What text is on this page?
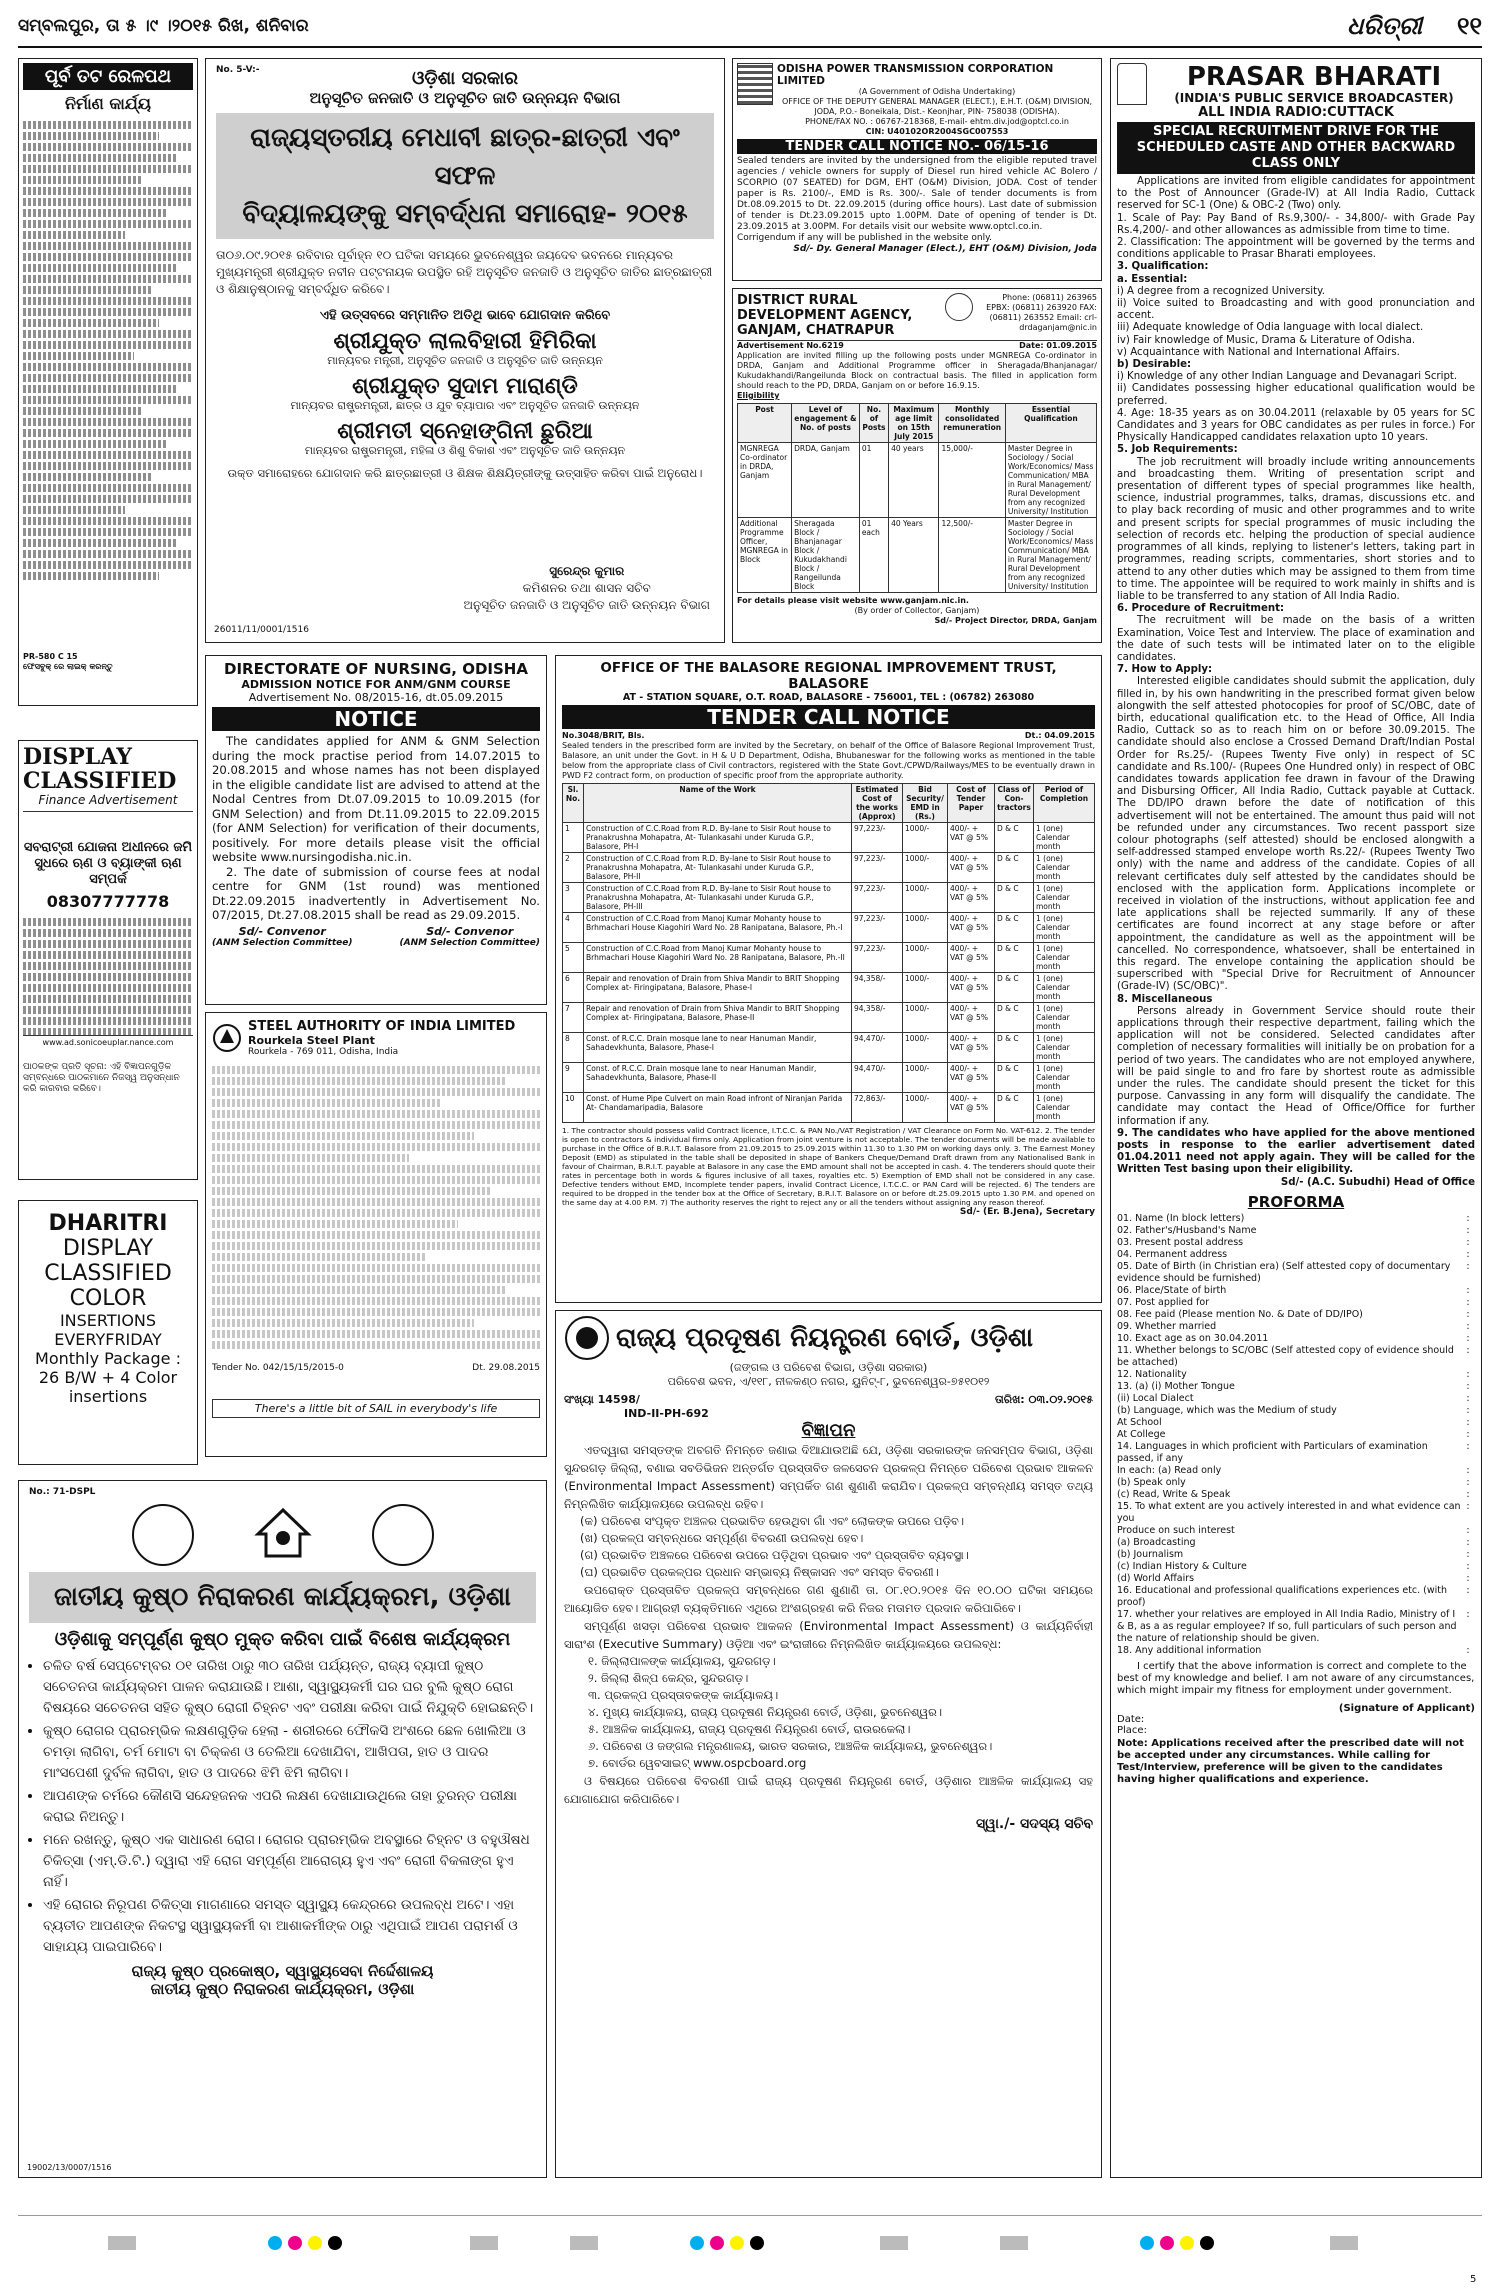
ସମ୍ବଲପୁର, ତା ୫ ।୯ ।୨୦୧୫ ରିଖ, ଶନିବାର	ଧରିତ୍ରୀ ୧୧
ପୂର୍ବ ତଟ ରେଳପଥ
ନିର୍ମାଣ କାର୍ଯ୍ୟ
PR-580 C 15
ଫେସବୁକ୍ ରେ ଲାଇକ୍ କରନ୍ତୁ
DISPLAY CLASSIFIED
Finance Advertisement
ସବରାଟ୍ରୀ ଯୋଜନା ଅଧୀନରେ ଜମି ସୁଧରେ ଋଣ ଓ ବ୍ୟାଙ୍କୀ ଋଣ ସମ୍ପର୍କ
08307777778
www.ad.sonicoeuplar.nance.com
ପାଠକଙ୍କ ପ୍ରତି ସୂଚନା: ଏହି ବିଜ୍ଞାପନଗୁଡ଼ିକ ସମ୍ବନ୍ଧରେ ପାଠକମାନେ ନିଜସ୍ୱ ଅନୁସନ୍ଧାନ କରି କାରବାର କରିବେ।
DHARITRI
DISPLAY
CLASSIFIED
COLOR
INSERTIONS
EVERYFRIDAY
Monthly Package :
26 B/W + 4 Color
insertions
No. 5-V:-	ଓଡ଼ିଶା ସରକାର
ଅନୁସୂଚିତ ଜନଜାତି ଓ ଅନୁସୂଚିତ ଜାତି ଉନ୍ନୟନ ବିଭାଗ
ରାଜ୍ୟସ୍ତରୀୟ ମେଧାବୀ ଛାତ୍ର-ଛାତ୍ରୀ ଏବଂ ସଫଳ
ବିଦ୍ୟାଳୟଙ୍କୁ ସମ୍ବର୍ଦ୍ଧନା ସମାରୋହ- ୨୦୧୫
ତା୦୬.୦୯.୨୦୧୫ ରବିବାର ପୂର୍ବାହ୍ନ ୧୦ ଘଟିକା ସମୟରେ ଭୁବନେଶ୍ୱର ଜୟଦେବ ଭବନରେ ମାନ୍ୟବର ମୁଖ୍ୟମନ୍ତ୍ରୀ ଶ୍ରୀଯୁକ୍ତ ନବୀନ ପଟ୍ଟନାୟକ ଉପସ୍ଥିତ ରହି ଅନୁସୂଚିତ ଜନଜାତି ଓ ଅନୁସୂଚିତ ଜାତିର ଛାତ୍ରଛାତ୍ରୀ ଓ ଶିକ୍ଷାନୁଷ୍ଠାନକୁ ସମ୍ବର୍ଦ୍ଧିତ କରିବେ।
ଏହି ଉତ୍ସବରେ ସମ୍ମାନିତ ଅତିଥି ଭାବେ ଯୋଗଦାନ କରିବେ
ଶ୍ରୀଯୁକ୍ତ ଲାଲବିହାରୀ ହିମିରିକା
ମାନ୍ୟବର ମନ୍ତ୍ରୀ, ଅନୁସୂଚିତ ଜନଜାତି ଓ ଅନୁସୂଚିତ ଜାତି ଉନ୍ନୟନ
ଶ୍ରୀଯୁକ୍ତ ସୁଦାମ ମାରାଣ୍ଡି
ମାନ୍ୟବର ରାଷ୍ଟ୍ରମନ୍ତ୍ରୀ, ଛାତ୍ର ଓ ଯୁବ ବ୍ୟାପାର ଏବଂ ଅନୁସୂଚିତ ଜନଜାତି ଉନ୍ନୟନ
ଶ୍ରୀମତୀ ସ୍ନେହାଙ୍ଗିନୀ ଛୁରିଆ
ମାନ୍ୟବର ରାଷ୍ଟ୍ରମନ୍ତ୍ରୀ, ମହିଳା ଓ ଶିଶୁ ବିକାଶ ଏବଂ ଅନୁସୂଚିତ ଜାତି ଉନ୍ନୟନ
ଉକ୍ତ ସମାରୋହରେ ଯୋଗଦାନ କରି ଛାତ୍ରଛାତ୍ରୀ ଓ ଶିକ୍ଷକ ଶିକ୍ଷୟିତ୍ରୀଙ୍କୁ ଉତ୍ସାହିତ କରିବା ପାଇଁ ଅନୁରୋଧ।
ସୁରେନ୍ଦ୍ର କୁମାର
କମିଶନର ତଥା ଶାସନ ସଚିବ
ଅନୁସୂଚିତ ଜନଜାତି ଓ ଅନୁସୂଚିତ ଜାତି ଉନ୍ନୟନ ବିଭାଗ
26011/11/0001/1516
ODISHA POWER TRANSMISSION CORPORATION LIMITED
(A Government of Odisha Undertaking)
OFFICE OF THE DEPUTY GENERAL MANAGER (ELECT.), E.H.T. (O&M) DIVISION, JODA, P.O.- Boneikala, Dist.- Keonjhar, PIN- 758038 (ODISHA).
PHONE/FAX NO. : 06767-218368, E-mail- ehtm.div.jod@optcl.co.in
CIN: U40102OR2004SGC007553
TENDER CALL NOTICE NO.- 06/15-16
Sealed tenders are invited by the undersigned from the eligible reputed travel agencies / vehicle owners for supply of Diesel run hired vehicle AC Bolero / SCORPIO (07 SEATED) for DGM, EHT (O&M) Division, JODA. Cost of tender paper is Rs. 2100/-, EMD is Rs. 300/-. Sale of tender documents is from Dt.08.09.2015 to Dt. 22.09.2015 (during office hours). Last date of submission of tender is Dt.23.09.2015 upto 1.00PM. Date of opening of tender is Dt. 23.09.2015 at 3.00PM. For details visit our website www.optcl.co.in.
Corrigendum if any will be published in the website only.
Sd/- Dy. General Manager (Elect.), EHT (O&M) Division, Joda
DISTRICT RURAL DEVELOPMENT AGENCY, GANJAM, CHATRAPUR
Phone: (06811) 263965 EPBX: (06811) 263920 FAX: (06811) 263552 Email: crl-drdaganjam@nic.in
Advertisement No.6219	Date: 01.09.2015
Application are invited filling up the following posts under MGNREGA Co-ordinator in DRDA, Ganjam and Additional Programme officer in Sheragada/Bhanjanagar/ Kukudakhandi/Rangeilunda Block on contractual basis. The filled in application form should reach to the PD, DRDA, Ganjam on or before 16.9.15.
Eligibility
Post	Level of engagement & No. of posts	No. of Posts	Maximum age limit on 15th July 2015	Monthly consolidated remuneration	Essential Qualification
MGNREGA Co-ordinator in DRDA, Ganjam	DRDA, Ganjam	01	40 years	15,000/-	Master Degree in Sociology / Social Work/Economics/ Mass Communication/ MBA in Rural Management/ Rural Development from any recognized University/ Institution
Additional Programme Officer, MGNREGA in Block	Sheragada Block / Bhanjanagar Block / Kukudakhandi Block / Rangeilunda Block	01 each	40 Years	12,500/-	Master Degree in Sociology / Social Work/Economics/ Mass Communication/ MBA in Rural Management/ Rural Development from any recognized University/ Institution
For details please visit website www.ganjam.nic.in.
(By order of Collector, Ganjam)
Sd/- Project Director, DRDA, Ganjam
PRASAR BHARATI
(INDIA'S PUBLIC SERVICE BROADCASTER)
ALL INDIA RADIO:CUTTACK
SPECIAL RECRUITMENT DRIVE FOR THE SCHEDULED CASTE AND OTHER BACKWARD CLASS ONLY
Applications are invited from eligible candidates for appointment to the Post of Announcer (Grade-IV) at All India Radio, Cuttack reserved for SC-1 (One) & OBC-2 (Two) only.
1. Scale of Pay: Pay Band of Rs.9,300/- - 34,800/- with Grade Pay Rs.4,200/- and other allowances as admissible from time to time.
2. Classification: The appointment will be governed by the terms and conditions applicable to Prasar Bharati employees.
3. Qualification:
a. Essential:
i) A degree from a recognized University.
ii) Voice suited to Broadcasting and with good pronunciation and accent.
iii) Adequate knowledge of Odia language with local dialect.
iv) Fair knowledge of Music, Drama & Literature of Odisha.
v) Acquaintance with National and International Affairs.
b) Desirable:
i) Knowledge of any other Indian Language and Devanagari Script.
ii) Candidates possessing higher educational qualification would be preferred.
4. Age: 18-35 years as on 30.04.2011 (relaxable by 05 years for SC Candidates and 3 years for OBC candidates as per rules in force.) For Physically Handicapped candidates relaxation upto 10 years.
5. Job Requirements:
The job recruitment will broadly include writing announcements and broadcasting them. Writing of presentation script and presentation of different types of special programmes like health, science, industrial programmes, talks, dramas, discussions etc. and to play back recording of music and other programmes and to write and present scripts for special programmes of music including the selection of records etc. helping the production of special audience programmes of all kinds, replying to listener's letters, taking part in programmes, reading scripts, commentaries, short stories and to attend to any other duties which may be assigned to them from time to time. The appointee will be required to work mainly in shifts and is liable to be transferred to any station of All India Radio.
6. Procedure of Recruitment:
The recruitment will be made on the basis of a written Examination, Voice Test and Interview. The place of examination and the date of such tests will be intimated later on to the eligible candidates.
7. How to Apply:
Interested eligible candidates should submit the application, duly filled in, by his own handwriting in the prescribed format given below alongwith the self attested photocopies for proof of SC/OBC, date of birth, educational qualification etc. to the Head of Office, All India Radio, Cuttack so as to reach him on or before 30.09.2015. The candidate should also enclose a Crossed Demand Draft/Indian Postal Order for Rs.25/- (Rupees Twenty Five only) in respect of SC candidate and Rs.100/- (Rupees One Hundred only) in respect of OBC candidates towards application fee drawn in favour of the Drawing and Disbursing Officer, All India Radio, Cuttack payable at Cuttack. The DD/IPO drawn before the date of notification of this advertisement will not be entertained. The amount thus paid will not be refunded under any circumstances. Two recent passport size colour photographs (self attested) should be enclosed alongwith a self-addressed stamped envelope worth Rs.22/- (Rupees Twenty Two only) with the name and address of the candidate. Copies of all relevant certificates duly self attested by the candidates should be enclosed with the application form. Applications incomplete or received in violation of the instructions, without application fee and late applications shall be rejected summarily. If any of these certificates are found incorrect at any stage before or after appointment, the candidature as well as the appointment will be cancelled. No correspondence, whatsoever, shall be entertained in this regard. The envelope containing the application should be superscribed with "Special Drive for Recruitment of Announcer (Grade-IV) (SC/OBC)".
8. Miscellaneous
Persons already in Government Service should route their applications through their respective department, failing which the application will not be considered. Selected candidates after completion of necessary formalities will initially be on probation for a period of two years. The candidates who are not employed anywhere, will be paid single to and fro fare by shortest route as admissible under the rules. The candidate should present the ticket for this purpose. Canvassing in any form will disqualify the candidate. The candidate may contact the Head of Office/Office for further information if any.
9. The candidates who have applied for the above mentioned posts in response to the earlier advertisement dated 01.04.2011 need not apply again. They will be called for the Written Test basing upon their eligibility.
Sd/- (A.C. Subudhi) Head of Office
PROFORMA
01. Name (In block letters)	:
02. Father's/Husband's Name	:
03. Present postal address	:
04. Permanent address	:
05. Date of Birth (in Christian era) (Self attested copy of documentary evidence should be furnished)
:
06. Place/State of birth	:
07. Post applied for	:
08. Fee paid (Please mention No. & Date of DD/IPO)	:
09. Whether married	:
10. Exact age as on 30.04.2011	:
11. Whether belongs to SC/OBC (Self attested copy of evidence should be attached)
:
12. Nationality	:
13. (a) (i) Mother Tongue	:
(ii) Local Dialect	:
(b) Language, which was the Medium of study	:
At School	:
At College	:
14. Languages in which proficient with Particulars of examination passed, if any
:
In each: (a) Read only	:
(b) Speak only	:
(c) Read, Write & Speak	:
15. To what extent are you actively interested in and what evidence can you
:
Produce on such interest	:
(a) Broadcasting	:
(b) Journalism	:
(c) Indian History & Culture	:
(d) World Affairs	:
16. Educational and professional qualifications experiences etc. (with proof)
:
17. whether your relatives are employed in All India Radio, Ministry of I & B, as a as regular employee? If so, full particulars of such person and the nature of relationship should be given.
:
18. Any additional information	:
I certify that the above information is correct and complete to the best of my knowledge and belief. I am not aware of any circumstances, which might impair my fitness for employment under government.
(Signature of Applicant)
Date:
Place:
Note: Applications received after the prescribed date will not be accepted under any circumstances. While calling for Test/Interview, preference will be given to the candidates having higher qualifications and experience.
DIRECTORATE OF NURSING, ODISHA
ADMISSION NOTICE FOR ANM/GNM COURSE
Advertisement No. 08/2015-16, dt.05.09.2015
NOTICE
The candidates applied for ANM & GNM Selection during the mock practise period from 14.07.2015 to 20.08.2015 and whose names has not been displayed in the eligible candidate list are advised to attend at the Nodal Centres from Dt.07.09.2015 to 10.09.2015 (for GNM Selection) and from Dt.11.09.2015 to 22.09.2015 (for ANM Selection) for verification of their documents, positively. For more details please visit the official website www.nursingodisha.nic.in.
2. The date of submission of course fees at nodal centre for GNM (1st round) was mentioned Dt.22.09.2015 inadvertently in Advertisement No. 07/2015, Dt.27.08.2015 shall be read as 29.09.2015.
Sd/- Convenor
(ANM Selection Committee)
Sd/- Convenor
(ANM Selection Committee)
STEEL AUTHORITY OF INDIA LIMITED
Rourkela Steel Plant
Rourkela - 769 011, Odisha, India
Tender No. 042/15/15/2015-0	Dt. 29.08.2015
There's a little bit of SAIL in everybody's life
OFFICE OF THE BALASORE REGIONAL IMPROVEMENT TRUST, BALASORE
AT - STATION SQUARE, O.T. ROAD, BALASORE - 756001, TEL : (06782) 263080
TENDER CALL NOTICE
No.3048/BRIT, Bls.	Dt.: 04.09.2015
Sealed tenders in the prescribed form are invited by the Secretary, on behalf of the Office of Balasore Regional Improvement Trust, Balasore, an unit under the Govt. in H & U D Department, Odisha, Bhubaneswar for the following works as mentioned in the table below from the appropriate class of Civil contractors, registered with the State Govt./CPWD/Railways/MES to be eventually drawn in PWD F2 contract form, on production of specific proof from the appropriate authority.
Sl. No.	Name of the Work	Estimated Cost of the works (Approx)	Bid Security/ EMD in (Rs.)	Cost of Tender Paper	Class of Con-tractors	Period of Completion
1	Construction of C.C.Road from R.D. By-lane to Sisir Rout house to Pranakrushna Mohapatra, At- Tulankasahi under Kuruda G.P., Balasore, PH-I	97,223/-	1000/-	400/- + VAT @ 5%	D & C	1 (one) Calendar month
2	Construction of C.C.Road from R.D. By-lane to Sisir Rout house to Pranakrushna Mohapatra, At- Tulankasahi under Kuruda G.P., Balasore, PH-II	97,223/-	1000/-	400/- + VAT @ 5%	D & C	1 (one) Calendar month
3	Construction of C.C.Road from R.D. By-lane to Sisir Rout house to Pranakrushna Mohapatra, At- Tulankasahi under Kuruda G.P., Balasore, PH-III	97,223/-	1000/-	400/- + VAT @ 5%	D & C	1 (one) Calendar month
4	Construction of C.C.Road from Manoj Kumar Mohanty house to Brhmachari House Kiagohiri Ward No. 28 Ranipatana, Balasore, Ph.-I	97,223/-	1000/-	400/- + VAT @ 5%	D & C	1 (one) Calendar month
5	Construction of C.C.Road from Manoj Kumar Mohanty house to Brhmachari House Kiagohiri Ward No. 28 Ranipatana, Balasore, Ph.-II	97,223/-	1000/-	400/- + VAT @ 5%	D & C	1 (one) Calendar month
6	Repair and renovation of Drain from Shiva Mandir to BRIT Shopping Complex at- Firingipatana, Balasore, Phase-I	94,358/-	1000/-	400/- + VAT @ 5%	D & C	1 (one) Calendar month
7	Repair and renovation of Drain from Shiva Mandir to BRIT Shopping Complex at- Firingipatana, Balasore, Phase-II	94,358/-	1000/-	400/- + VAT @ 5%	D & C	1 (one) Calendar month
8	Const. of R.C.C. Drain mosque lane to near Hanuman Mandir, Sahadevkhunta, Balasore, Phase-I	94,470/-	1000/-	400/- + VAT @ 5%	D & C	1 (one) Calendar month
9	Const. of R.C.C. Drain mosque lane to near Hanuman Mandir, Sahadevkhunta, Balasore, Phase-II	94,470/-	1000/-	400/- + VAT @ 5%	D & C	1 (one) Calendar month
10	Const. of Hume Pipe Culvert on main Road infront of Niranjan Parida At- Chandamaripadia, Balasore	72,863/-	1000/-	400/- + VAT @ 5%	D & C	1 (one) Calendar month
1. The contractor should possess valid Contract licence, I.T.C.C. & PAN No./VAT Registration / VAT Clearance on Form No. VAT-612. 2. The tender is open to contractors & individual firms only. Application from joint venture is not acceptable. The tender documents will be made available to purchase in the Office of B.R.I.T. Balasore from 21.09.2015 to 25.09.2015 within 11.30 to 1.30 PM on working days only. 3. The Earnest Money Deposit (EMD) as stipulated in the table shall be deposited in shape of Bankers Cheque/Demand Draft drawn from any Nationalised Bank in favour of Chairman, B.R.I.T. payable at Balasore in any case the EMD amount shall not be accepted in cash. 4. The tenderers should quote their rates in percentage both in words & figures inclusive of all taxes, royalties etc. 5) Exemption of EMD shall not be considered in any case. Defective tenders without EMD, Incomplete tender papers, invalid Contract Licence, I.T.C.C. or PAN Card will be rejected. 6) The tenders are required to be dropped in the tender box at the Office of Secretary, B.R.I.T. Balasore on or before dt.25.09.2015 upto 1.30 P.M. and opened on the same day at 4.00 P.M. 7) The authority reserves the right to reject any or all the tenders without assigning any reason thereof.
Sd/- (Er. B.Jena), Secretary
ରାଜ୍ୟ ପ୍ରଦୂଷଣ ନିୟନ୍ତ୍ରଣ ବୋର୍ଡ, ଓଡ଼ିଶା
(ଜଙ୍ଗଲ ଓ ପରିବେଶ ବିଭାଗ, ଓଡ଼ିଶା ସରକାର)
ପରିବେଶ ଭବନ, ଏ/୧୧୮, ନୀଳକଣ୍ଠ ନଗର, ୟୁନିଟ୍-୮, ଭୁବନେଶ୍ୱର-୭୫୧୦୧୨
ସଂଖ୍ୟା 14598/	ତାରିଖ: ୦୩.୦୨.୨୦୧୫
IND-II-PH-692
ବିଜ୍ଞାପନ
ଏତଦ୍ୱାରା ସମସ୍ତଙ୍କ ଅବଗତି ନିମନ୍ତେ ଜଣାଇ ଦିଆଯାଉଅଛି ଯେ, ଓଡ଼ିଶା ସରକାରଙ୍କ ଜନସମ୍ପଦ ବିଭାଗ, ଓଡ଼ିଶା ସୁନ୍ଦରଗଡ଼ ଜିଲ୍ଲା, ବଣାଇ ସବଡିଭିଜନ ଅନ୍ତର୍ଗତ ପ୍ରସ୍ତାବିତ ଜଳସେଚନ ପ୍ରକଳ୍ପ ନିମନ୍ତେ ପରିବେଶ ପ୍ରଭାବ ଆକଳନ (Environmental Impact Assessment) ସମ୍ପର୍କିତ ଗଣ ଶୁଣାଣି କରାଯିବ। ପ୍ରକଳ୍ପ ସମ୍ବନ୍ଧୀୟ ସମସ୍ତ ତଥ୍ୟ ନିମ୍ନଲିଖିତ କାର୍ଯ୍ୟାଳୟରେ ଉପଲବ୍ଧ ରହିବ।
(କ) ପରିବେଶ ସଂପୃକ୍ତ ଅଞ୍ଚଳର ପ୍ରଭାବିତ ହେଉଥିବା ଗାଁ ଏବଂ ଲୋକଙ୍କ ଉପରେ ପଡ଼ିବ।
(ଖ) ପ୍ରକଳ୍ପ ସମ୍ବନ୍ଧରେ ସମ୍ପୂର୍ଣ୍ଣ ବିବରଣୀ ଉପଲବ୍ଧ ହେବ।
(ଗ) ପ୍ରଭାବିତ ଅଞ୍ଚଳରେ ପରିବେଶ ଉପରେ ପଡ଼ିଥିବା ପ୍ରଭାବ ଏବଂ ପ୍ରସ୍ତାବିତ ବ୍ୟବସ୍ଥା।
(ଘ) ପ୍ରଭାବିତ ପ୍ରକଳ୍ପର ପ୍ରଧାନ ସମ୍ଭାବ୍ୟ ନିଷ୍କାସନ ଏବଂ ସମସ୍ତ ବିବରଣୀ।
ଉପରୋକ୍ତ ପ୍ରସ୍ତାବିତ ପ୍ରକଳ୍ପ ସମ୍ବନ୍ଧରେ ଗଣ ଶୁଣାଣି ତା. ୦୮.୧୦.୨୦୧୫ ଦିନ ୧୦.୦୦ ଘଟିକା ସମୟରେ ଆୟୋଜିତ ହେବ। ଆଗ୍ରହୀ ବ୍ୟକ୍ତିମାନେ ଏଥିରେ ଅଂଶଗ୍ରହଣ କରି ନିଜର ମତାମତ ପ୍ରଦାନ କରିପାରିବେ।
ସମ୍ପୂର୍ଣ୍ଣ ଖସଡ଼ା ପରିବେଶ ପ୍ରଭାବ ଆକଳନ (Environmental Impact Assessment) ଓ କାର୍ଯ୍ୟନିର୍ବାହୀ ସାରାଂଶ (Executive Summary) ଓଡ଼ିଆ ଏବଂ ଇଂରାଜୀରେ ନିମ୍ନଲିଖିତ କାର୍ଯ୍ୟାଳୟରେ ଉପଲବ୍ଧ:
୧. ଜିଲ୍ଲାପାଳଙ୍କ କାର୍ଯ୍ୟାଳୟ, ସୁନ୍ଦରଗଡ଼।
୨. ଜିଲ୍ଲା ଶିଳ୍ପ କେନ୍ଦ୍ର, ସୁନ୍ଦରଗଡ଼।
୩. ପ୍ରକଳ୍ପ ପ୍ରସ୍ତାବକଙ୍କ କାର୍ଯ୍ୟାଳୟ।
୪. ମୁଖ୍ୟ କାର୍ଯ୍ୟାଳୟ, ରାଜ୍ୟ ପ୍ରଦୂଷଣ ନିୟନ୍ତ୍ରଣ ବୋର୍ଡ, ଓଡ଼ିଶା, ଭୁବନେଶ୍ୱର।
୫. ଆଞ୍ଚଳିକ କାର୍ଯ୍ୟାଳୟ, ରାଜ୍ୟ ପ୍ରଦୂଷଣ ନିୟନ୍ତ୍ରଣ ବୋର୍ଡ, ରାଉରକେଲା।
୬. ପରିବେଶ ଓ ଜଙ୍ଗଲ ମନ୍ତ୍ରଣାଳୟ, ଭାରତ ସରକାର, ଆଞ୍ଚଳିକ କାର୍ଯ୍ୟାଳୟ, ଭୁବନେଶ୍ୱର।
୭. ବୋର୍ଡର ୱେବସାଇଟ୍ www.ospcboard.org
ଓ ବିଷୟରେ ପରିବେଶ ବିବରଣୀ ପାଇଁ ରାଜ୍ୟ ପ୍ରଦୂଷଣ ନିୟନ୍ତ୍ରଣ ବୋର୍ଡ, ଓଡ଼ିଶାର ଆଞ୍ଚଳିକ କାର୍ଯ୍ୟାଳୟ ସହ ଯୋଗାଯୋଗ କରିପାରିବେ।
ସ୍ୱା./- ସଦସ୍ୟ ସଚିବ
No.: 71-DSPL
ଜାତୀୟ କୁଷ୍ଠ ନିରାକରଣ କାର୍ଯ୍ୟକ୍ରମ, ଓଡ଼ିଶା
ଓଡ଼ିଶାକୁ ସମ୍ପୂର୍ଣ୍ଣ କୁଷ୍ଠ ମୁକ୍ତ କରିବା ପାଇଁ ବିଶେଷ କାର୍ଯ୍ୟକ୍ରମ
• ଚଳିତ ବର୍ଷ ସେପ୍ଟେମ୍ବର ୦୧ ତାରିଖ ଠାରୁ ୩୦ ତାରିଖ ପର୍ଯ୍ୟନ୍ତ, ରାଜ୍ୟ ବ୍ୟାପୀ କୁଷ୍ଠ ସଚେତନତା କାର୍ଯ୍ୟକ୍ରମ ପାଳନ କରାଯାଉଛି। ଆଶା, ସ୍ୱାସ୍ଥ୍ୟକର୍ମୀ ଘର ଘର ବୁଲି କୁଷ୍ଠ ରୋଗ ବିଷୟରେ ସଚେତନତା ସହିତ କୁଷ୍ଠ ରୋଗୀ ଚିହ୍ନଟ ଏବଂ ପରୀକ୍ଷା କରିବା ପାଇଁ ନିଯୁକ୍ତି ହୋଇଛନ୍ତି।
• କୁଷ୍ଠ ରୋଗର ପ୍ରାରମ୍ଭିକ ଲକ୍ଷଣଗୁଡ଼ିକ ହେଲା - ଶରୀରରେ ଫୌକସି ଅଂଶରେ ଛେଳ ଖୋଲିଆ ଓ ଚମଡ଼ା ଲାଗିବା, ଚର୍ମ ମୋଟା ବା ଚିକ୍କଣ ଓ ତେଲିଆ ଦେଖାଯିବା, ଆଖିପତା, ହାତ ଓ ପାଦର ମାଂସପେଶୀ ଦୁର୍ବଳ ଲାଗିବା, ହାତ ଓ ପାଦରେ ଝିମି ଝିମି ଲାଗିବା।
• ଆପଣଙ୍କ ଚର୍ମରେ କୌଣସି ସନ୍ଦେହଜନକ ଏପରି ଲକ୍ଷଣ ଦେଖାଯାଉଥିଲେ ତାହା ତୁରନ୍ତ ପରୀକ୍ଷା କରାଇ ନିଅନ୍ତୁ।
• ମନେ ରଖନ୍ତୁ, କୁଷ୍ଠ ଏକ ସାଧାରଣ ରୋଗ। ରୋଗର ପ୍ରାରମ୍ଭିକ ଅବସ୍ଥାରେ ଚିହ୍ନଟ ଓ ବହୁଔଷଧ ଚିକିତ୍ସା (ଏମ୍.ଡି.ଟି.) ଦ୍ୱାରା ଏହି ରୋଗ ସମ୍ପୂର୍ଣ୍ଣ ଆରୋଗ୍ୟ ହୁଏ ଏବଂ ରୋଗୀ ବିକଳାଙ୍ଗ ହୁଏ ନାହିଁ।
• ଏହି ରୋଗର ନିରୂପଣ ଚିକିତ୍ସା ମାଗଣାରେ ସମସ୍ତ ସ୍ୱାସ୍ଥ୍ୟ କେନ୍ଦ୍ରରେ ଉପଲବ୍ଧ ଅଟେ। ଏହା ବ୍ୟତୀତ ଆପଣଙ୍କ ନିକଟସ୍ଥ ସ୍ୱାସ୍ଥ୍ୟକର୍ମୀ ବା ଆଶାକର୍ମୀଙ୍କ ଠାରୁ ଏଥିପାଇଁ ଆପଣ ପରାମର୍ଶ ଓ ସାହାଯ୍ୟ ପାଇପାରିବେ।
ରାଜ୍ୟ କୁଷ୍ଠ ପ୍ରକୋଷ୍ଠ, ସ୍ୱାସ୍ଥ୍ୟସେବା ନିର୍ଦ୍ଦେଶାଳୟ
ଜାତୀୟ କୁଷ୍ଠ ନିରାକରଣ କାର୍ଯ୍ୟକ୍ରମ, ଓଡ଼ିଶା
19002/13/0007/1516
5
